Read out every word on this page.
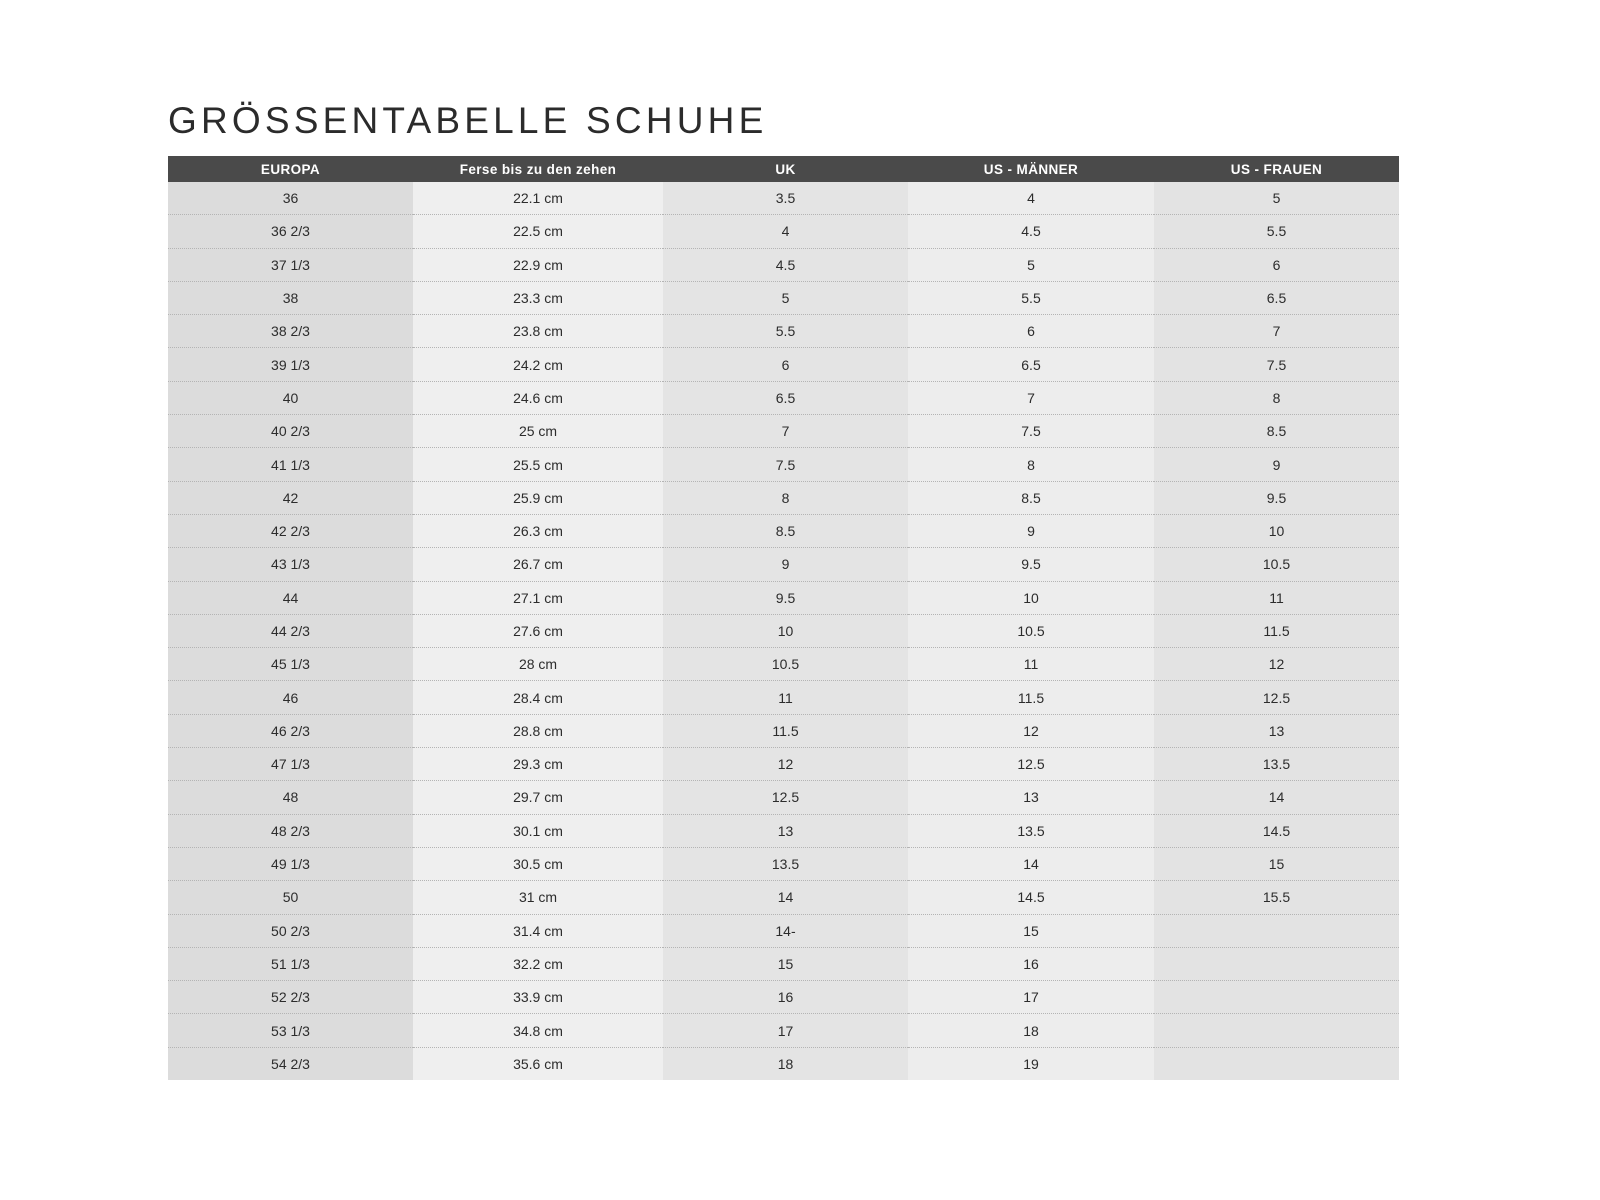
GRÖSSENTABELLE SCHUHE
EUROPA	Ferse bis zu den zehen	UK	US - MÄNNER	US - FRAUEN
36	22.1 cm	3.5	4	5
36 2/3	22.5 cm	4	4.5	5.5
37 1/3	22.9 cm	4.5	5	6
38	23.3 cm	5	5.5	6.5
38 2/3	23.8 cm	5.5	6	7
39 1/3	24.2 cm	6	6.5	7.5
40	24.6 cm	6.5	7	8
40 2/3	25 cm	7	7.5	8.5
41 1/3	25.5 cm	7.5	8	9
42	25.9 cm	8	8.5	9.5
42 2/3	26.3 cm	8.5	9	10
43 1/3	26.7 cm	9	9.5	10.5
44	27.1 cm	9.5	10	11
44 2/3	27.6 cm	10	10.5	11.5
45 1/3	28 cm	10.5	11	12
46	28.4 cm	11	11.5	12.5
46 2/3	28.8 cm	11.5	12	13
47 1/3	29.3 cm	12	12.5	13.5
48	29.7 cm	12.5	13	14
48 2/3	30.1 cm	13	13.5	14.5
49 1/3	30.5 cm	13.5	14	15
50	31 cm	14	14.5	15.5
50 2/3	31.4 cm	14-	15	
51 1/3	32.2 cm	15	16	
52 2/3	33.9 cm	16	17	
53 1/3	34.8 cm	17	18	
54 2/3	35.6 cm	18	19	
